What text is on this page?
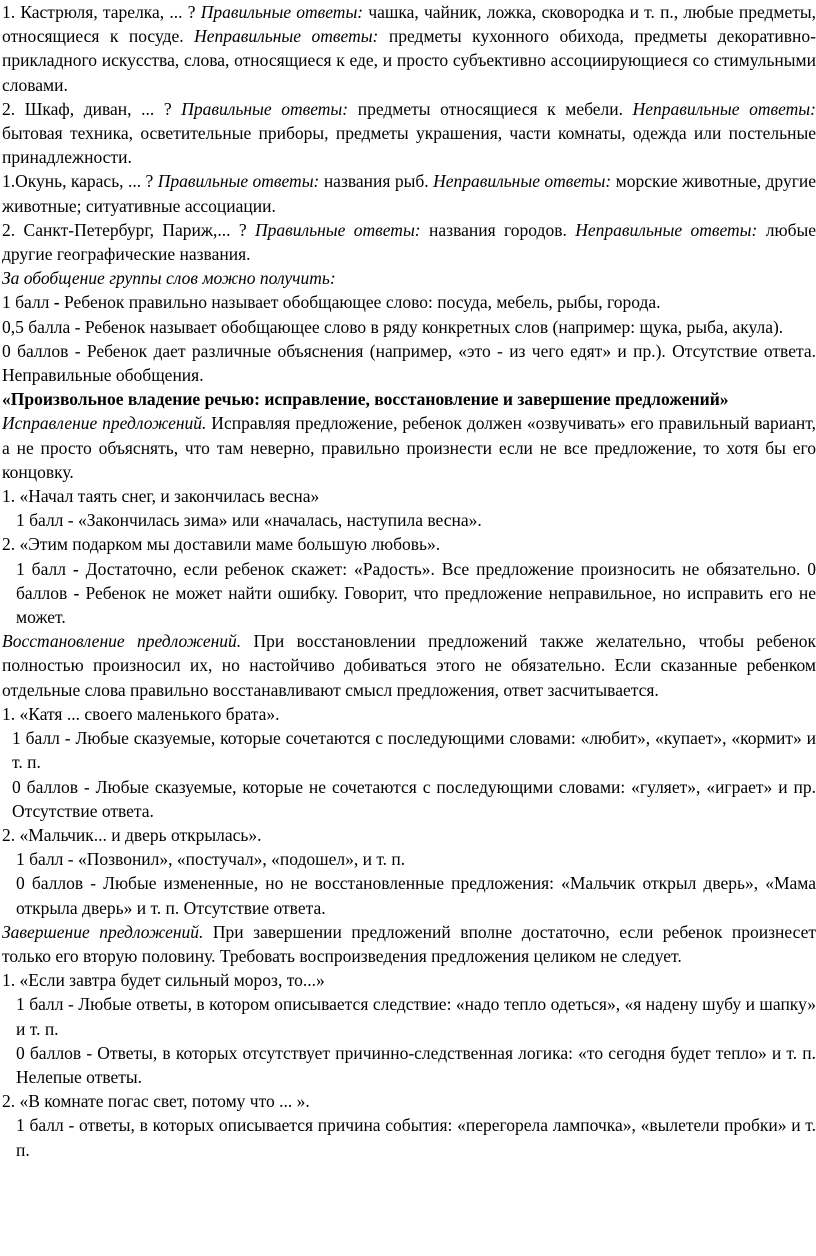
1. Кастрюля, тарелка, ... ? Правильные ответы: чашка, чайник, ложка, сковородка и т. п., любые предметы, относящиеся к посуде. Неправильные ответы: предметы кухонного обихода, предметы декоративно-прикладного искусства, слова, относящиеся к еде, и просто субъективно ассоциирующиеся со стимульными словами.

2. Шкаф, диван, ... ? Правильные ответы: предметы относящиеся к мебели. Неправильные ответы: бытовая техника, осветительные приборы, предметы украшения, части комнаты, одежда или постельные принадлежности.

1.Окунь, карась, ... ? Правильные ответы: названия рыб. Неправильные ответы: морские животные, другие животные; ситуативные ассоциации.

2. Санкт-Петербург, Париж,... ? Правильные ответы: названия городов. Неправильные ответы: любые другие географические названия.

За обобщение группы слов можно получить:

1 балл - Ребенок правильно называет обобщающее слово: посуда, мебель, рыбы, города.

0,5 балла - Ребенок называет обобщающее слово в ряду конкретных слов (например: щука, рыба, акула).

0 баллов - Ребенок дает различные объяснения (например, «это - из чего едят» и пр.). Отсутствие ответа. Неправильные обобщения.

«Произвольное владение речью: исправление, восстановление и завершение предложений»

Исправление предложений. Исправляя предложение, ребенок должен «озвучивать» его правильный вариант, а не просто объяснять, что там неверно, правильно произнести если не все предложение, то хотя бы его концовку.

1. «Начал таять снег, и закончилась весна»

1 балл - «Закончилась зима» или «началась, наступила весна».

2. «Этим подарком мы доставили маме большую любовь».

1 балл - Достаточно, если ребенок скажет: «Радость». Все предложение произносить не обязательно. 0 баллов - Ребенок не может найти ошибку. Говорит, что предложение неправильное, но исправить его не может.

Восстановление предложений. При восстановлении предложений также желательно, чтобы ребенок полностью произносил их, но настойчиво добиваться этого не обязательно. Если сказанные ребенком отдельные слова правильно восстанавливают смысл предложения, ответ засчитывается.

1. «Катя ... своего маленького брата».

1 балл - Любые сказуемые, которые сочетаются с последующими словами: «любит», «купает», «кормит» и т. п.

0 баллов - Любые сказуемые, которые не сочетаются с последующими словами: «гуляет», «играет» и пр. Отсутствие ответа.

2. «Мальчик... и дверь открылась».

1 балл - «Позвонил», «постучал», «подошел», и т. п.

0 баллов - Любые измененные, но не восстановленные предложения: «Мальчик открыл дверь», «Мама открыла дверь» и т. п. Отсутствие ответа.

Завершение предложений. При завершении предложений вполне достаточно, если ребенок произнесет только его вторую половину. Требовать воспроизведения предложения целиком не следует.

1. «Если завтра будет сильный мороз, то...»

1 балл - Любые ответы, в котором описывается следствие: «надо тепло одеться», «я надену шубу и шапку» и т. п.

0 баллов - Ответы, в которых отсутствует причинно-следственная логика: «то сегодня будет тепло» и т. п. Нелепые ответы.

2. «В комнате погас свет, потому что ... ».

1 балл - ответы, в которых описывается причина события: «перегорела лампочка», «вылетели пробки» и т. п.
